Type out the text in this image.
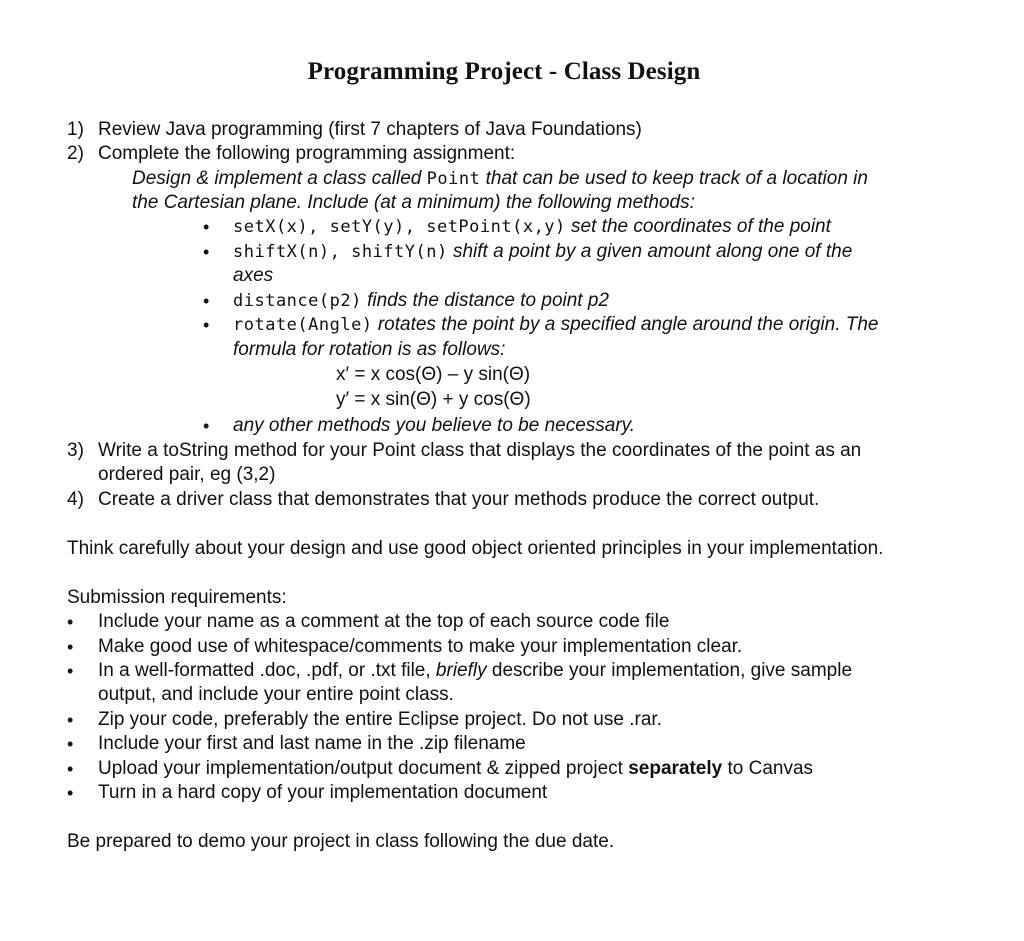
Programming Project - Class Design
1) Review Java programming (first 7 chapters of Java Foundations)
2) Complete the following programming assignment:
Design & implement a class called Point that can be used to keep track of a location in
the Cartesian plane. Include (at a minimum) the following methods:
• setX(x), setY(y), setPoint(x,y) set the coordinates of the point
• shiftX(n), shiftY(n) shift a point by a given amount along one of the
axes
• distance(p2) finds the distance to point p2
• rotate(Angle) rotates the point by a specified angle around the origin. The
formula for rotation is as follows:
x′ = x cos(Θ) – y sin(Θ)
y′ = x sin(Θ) + y cos(Θ)
• any other methods you believe to be necessary.
3) Write a toString method for your Point class that displays the coordinates of the point as an
ordered pair, eg (3,2)
4) Create a driver class that demonstrates that your methods produce the correct output.
Think carefully about your design and use good object oriented principles in your implementation.
Submission requirements:
• Include your name as a comment at the top of each source code file
• Make good use of whitespace/comments to make your implementation clear.
• In a well-formatted .doc, .pdf, or .txt file, briefly describe your implementation, give sample
output, and include your entire point class.
• Zip your code, preferably the entire Eclipse project. Do not use .rar.
• Include your first and last name in the .zip filename
• Upload your implementation/output document & zipped project separately to Canvas
• Turn in a hard copy of your implementation document
Be prepared to demo your project in class following the due date.
